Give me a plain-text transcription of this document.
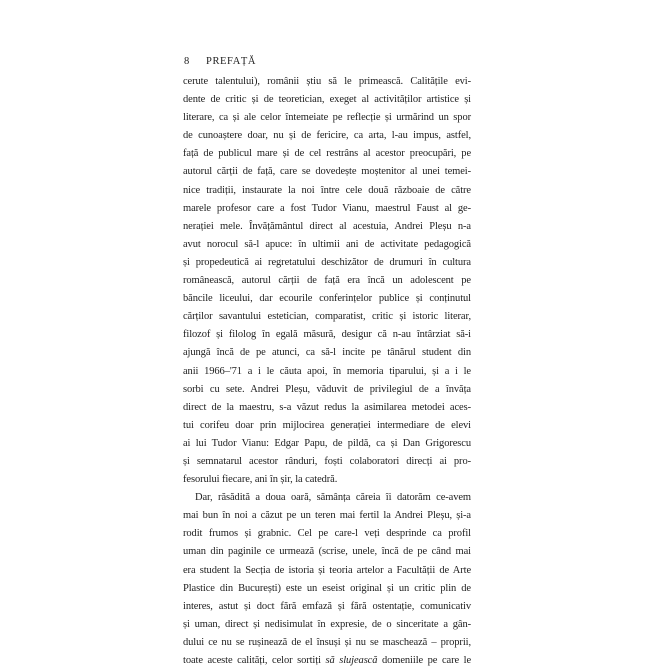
8 PREFAȚĂ
cerute talentului), românii știu să le primească. Calitățile evi-
dente de critic și de teoretician, exeget al activităților artistice și
literare, ca și ale celor întemeiate pe reflecție și urmărind un spor
de cunoaștere doar, nu și de fericire, ca arta, l-au impus, astfel,
față de publicul mare și de cel restrâns al acestor preocupări, pe
autorul cărții de față, care se dovedește moștenitor al unei temei-
nice tradiții, instaurate la noi între cele două războaie de către
marele profesor care a fost Tudor Vianu, maestrul Faust al ge-
nerației mele. Învățământul direct al acestuia, Andrei Pleșu n-a
avut norocul să-l apuce: în ultimii ani de activitate pedagogică
și propedeutică ai regretatului deschizător de drumuri în cultura
românească, autorul cărții de față era încă un adolescent pe
băncile liceului, dar ecourile conferințelor publice și conținutul
cărților savantului estetician, comparatist, critic și istoric literar,
filozof și filolog în egală măsură, desigur că n-au întârziat să-i
ajungă încă de pe atunci, ca să-l incite pe tânărul student din
anii 1966–'71 a i le căuta apoi, în memoria tiparului, și a i le
sorbi cu sete. Andrei Pleșu, văduvit de privilegiul de a învăța
direct de la maestru, s-a văzut redus la asimilarea metodei aces-
tui corifeu doar prin mijlocirea generației intermediare de elevi
ai lui Tudor Vianu: Edgar Papu, de pildă, ca și Dan Grigorescu
și semnatarul acestor rânduri, foști colaboratori direcți ai pro-
fesorului fiecare, ani în șir, la catedră.
Dar, răsădită a doua oară, sămânța căreia îi datorăm ce-avem
mai bun în noi a căzut pe un teren mai fertil la Andrei Pleșu, și-a
rodit frumos și grabnic. Cel pe care-l veți desprinde ca profil
uman din paginile ce urmează (scrise, unele, încă de pe când mai
era student la Secția de istoria și teoria artelor a Facultății de Arte
Plastice din București) este un eseist original și un critic plin de
interes, astut și doct fără emfază și fără ostentație, comunicativ
și uman, direct și nedisimulat în expresie, de o sinceritate a gân-
dului ce nu se rușinează de el însuși și nu se maschează – proprii,
toate aceste calități, celor sortiți să slujească domeniile pe care le
